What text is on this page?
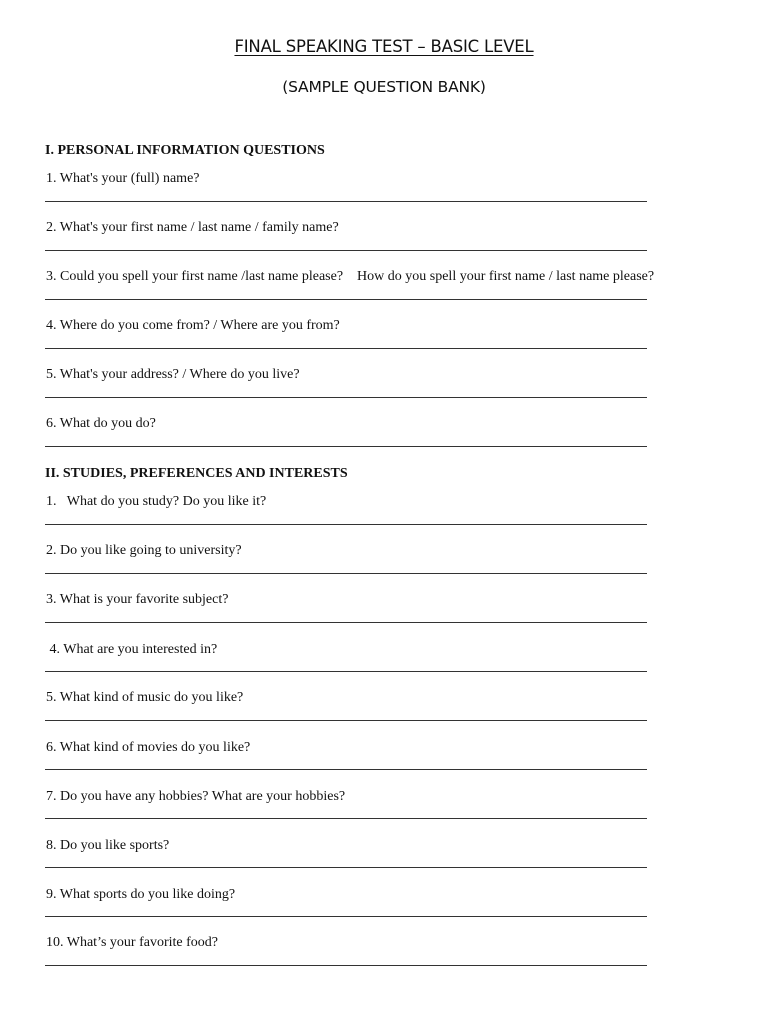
FINAL SPEAKING TEST – BASIC LEVEL
(SAMPLE QUESTION BANK)
I. PERSONAL INFORMATION QUESTIONS
1. What's your (full) name?
2. What's your first name / last name / family name?
3. Could you spell your first name /last name please? How do you spell your first name / last name please?
4. Where do you come from? / Where are you from?
5. What's your address? / Where do you live?
6. What do you do?
II. STUDIES, PREFERENCES AND INTERESTS
1.   What do you study? Do you like it?
2. Do you like going to university?
3. What is your favorite subject?
4. What are you interested in?
5. What kind of music do you like?
6. What kind of movies do you like?
7. Do you have any hobbies? What are your hobbies?
8. Do you like sports?
9. What sports do you like doing?
10. What’s your favorite food?
